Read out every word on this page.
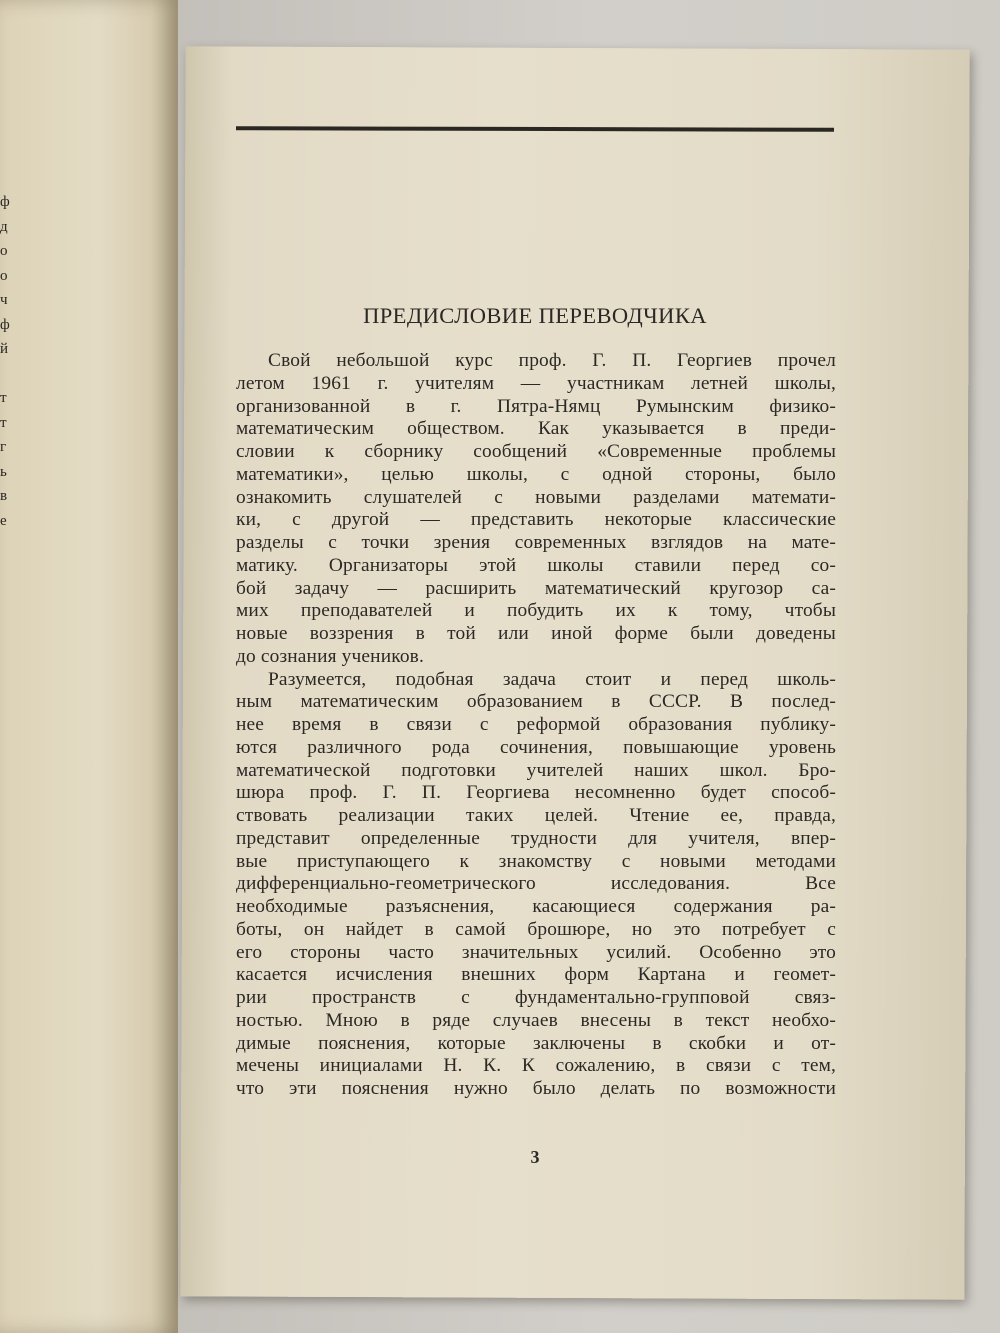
ф
д
о
о
ч
ф
й
т
т
г
ь
в
е
ПРЕДИСЛОВИЕ ПЕРЕВОДЧИКА
Свой небольшой курс проф. Г. П. Георгиев прочел
летом 1961 г. учителям — участникам летней школы,
организованной в г. Пятра-Нямц Румынским физико-
математическим обществом. Как указывается в преди-
словии к сборнику сообщений «Современные проблемы
математики», целью школы, с одной стороны, было
ознакомить слушателей с новыми разделами математи-
ки, с другой — представить некоторые классические
разделы с точки зрения современных взглядов на мате-
матику. Организаторы этой школы ставили перед со-
бой задачу — расширить математический кругозор са-
мих преподавателей и побудить их к тому, чтобы
новые воззрения в той или иной форме были доведены
до сознания учеников.
Разумеется, подобная задача стоит и перед школь-
ным математическим образованием в СССР. В послед-
нее время в связи с реформой образования публику-
ются различного рода сочинения, повышающие уровень
математической подготовки учителей наших школ. Бро-
шюра проф. Г. П. Георгиева несомненно будет способ-
ствовать реализации таких целей. Чтение ее, правда,
представит определенные трудности для учителя, впер-
вые приступающего к знакомству с новыми методами
дифференциально-геометрического исследования. Все
необходимые разъяснения, касающиеся содержания ра-
боты, он найдет в самой брошюре, но это потребует с
его стороны часто значительных усилий. Особенно это
касается исчисления внешних форм Картана и геомет-
рии пространств с фундаментально-групповой связ-
ностью. Мною в ряде случаев внесены в текст необхо-
димые пояснения, которые заключены в скобки и от-
мечены инициалами Н. К. К сожалению, в связи с тем,
что эти пояснения нужно было делать по возможности
3
